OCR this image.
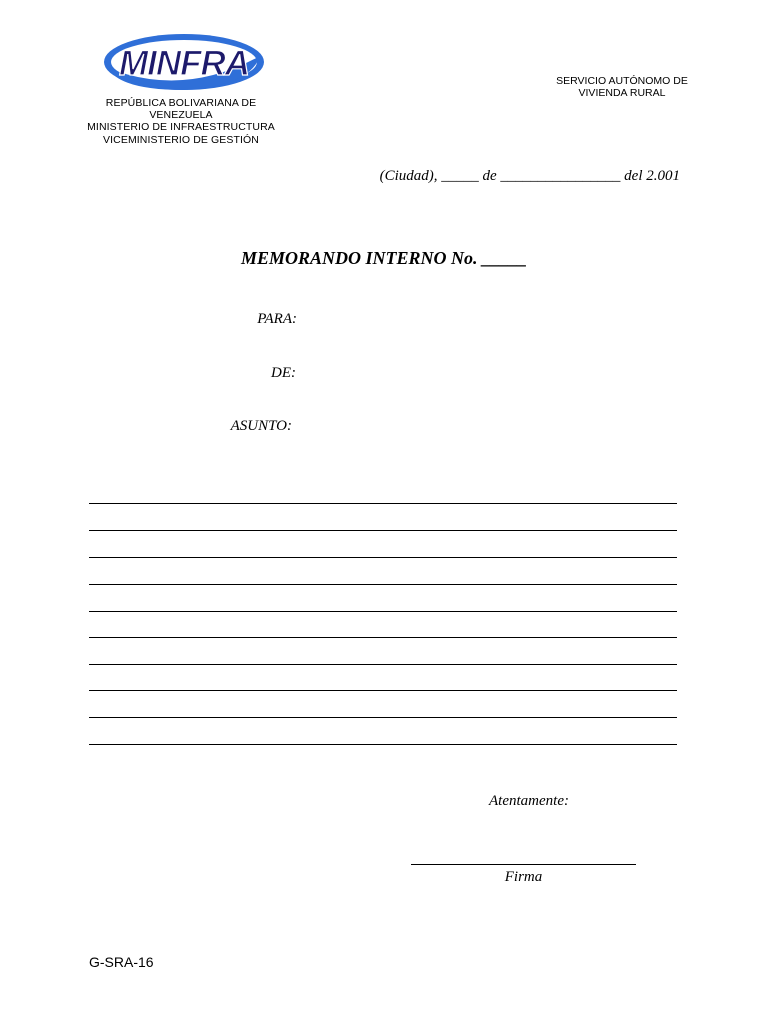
MINFRA
REPÚBLICA BOLIVARIANA DE
VENEZUELA
MINISTERIO DE INFRAESTRUCTURA
VICEMINISTERIO DE GESTIÓN
SERVICIO AUTÓNOMO DE
VIVIENDA RURAL
(Ciudad), _____ de ________________ del 2.001
MEMORANDO INTERNO No. _____
PARA:
DE:
ASUNTO:
Atentamente:
Firma
G-SRA-16
